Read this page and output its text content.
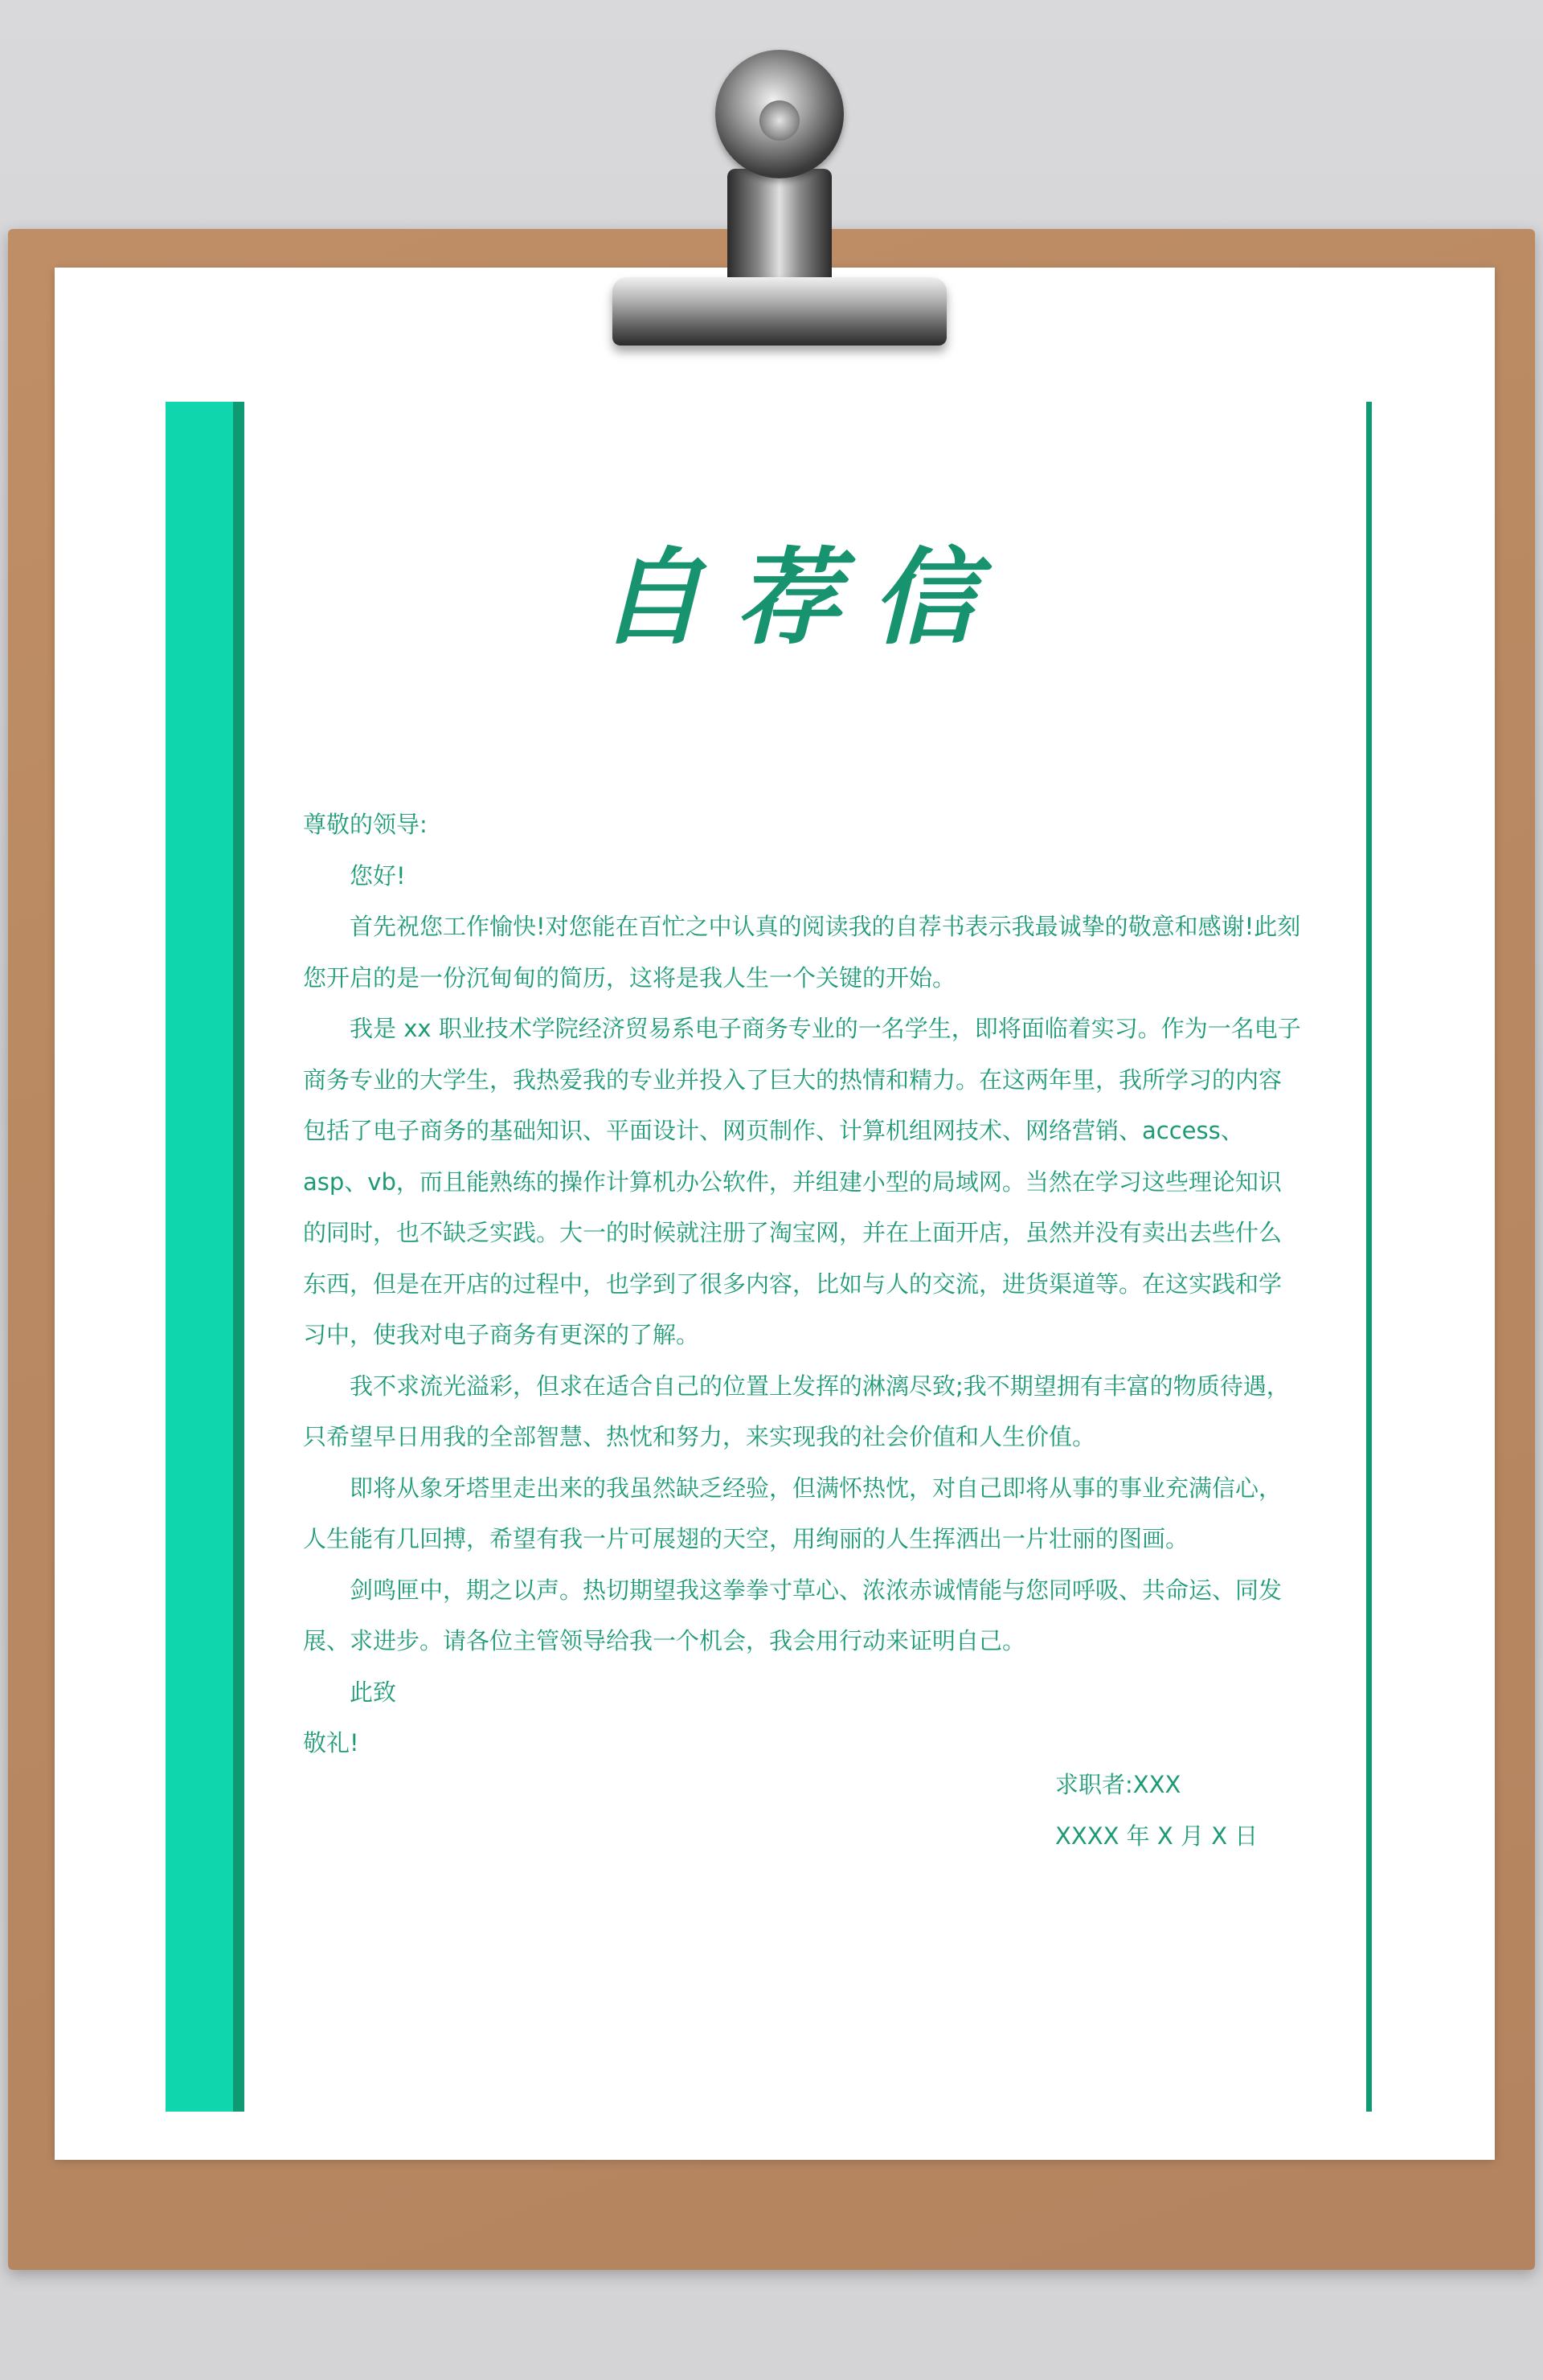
自荐信

尊敬的领导:

您好!

首先祝您工作愉快!对您能在百忙之中认真的阅读我的自荐书表示我最诚挚的敬意和感谢!此刻您开启的是一份沉甸甸的简历，这将是我人生一个关键的开始。

我是 xx 职业技术学院经济贸易系电子商务专业的一名学生，即将面临着实习。作为一名电子商务专业的大学生，我热爱我的专业并投入了巨大的热情和精力。在这两年里，我所学习的内容包括了电子商务的基础知识、平面设计、网页制作、计算机组网技术、网络营销、access、asp、vb，而且能熟练的操作计算机办公软件，并组建小型的局域网。当然在学习这些理论知识的同时，也不缺乏实践。大一的时候就注册了淘宝网，并在上面开店，虽然并没有卖出去些什么东西，但是在开店的过程中，也学到了很多内容，比如与人的交流，进货渠道等。在这实践和学习中，使我对电子商务有更深的了解。

我不求流光溢彩，但求在适合自己的位置上发挥的淋漓尽致;我不期望拥有丰富的物质待遇，只希望早日用我的全部智慧、热忱和努力，来实现我的社会价值和人生价值。

即将从象牙塔里走出来的我虽然缺乏经验，但满怀热忱，对自己即将从事的事业充满信心，人生能有几回搏，希望有我一片可展翅的天空，用绚丽的人生挥洒出一片壮丽的图画。

剑鸣匣中，期之以声。热切期望我这拳拳寸草心、浓浓赤诚情能与您同呼吸、共命运、同发展、求进步。请各位主管领导给我一个机会，我会用行动来证明自己。

此致

敬礼!

求职者:XXX

XXXX 年 X 月 X 日
